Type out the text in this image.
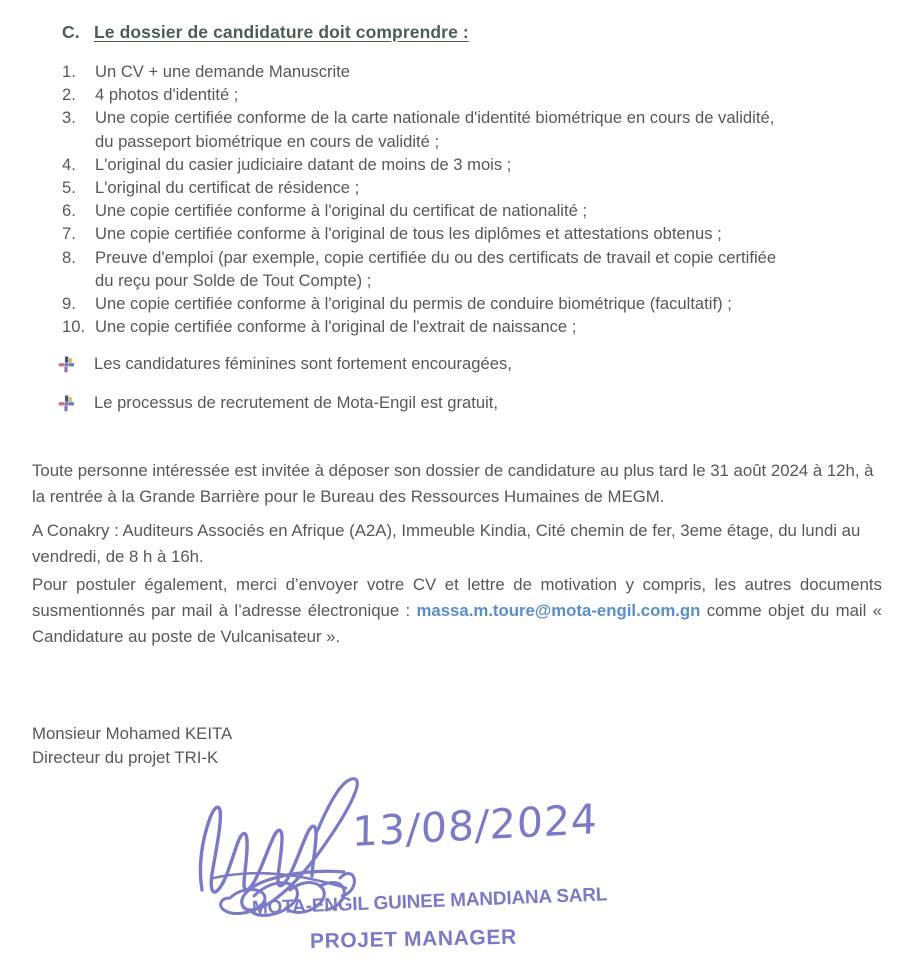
C. Le dossier de candidature doit comprendre :
1.	Un CV + une demande Manuscrite
2.	4 photos d'identité ;
3.	Une copie certifiée conforme de la carte nationale d'identité biométrique en cours de validité,
du passeport biométrique en cours de validité ;
4.	L'original du casier judiciaire datant de moins de 3 mois ;
5.	L'original du certificat de résidence ;
6.	Une copie certifiée conforme à l'original du certificat de nationalité ;
7.	Une copie certifiée conforme à l'original de tous les diplômes et attestations obtenus ;
8.	Preuve d'emploi (par exemple, copie certifiée du ou des certificats de travail et copie certifiée
du reçu pour Solde de Tout Compte) ;
9.	Une copie certifiée conforme à l'original du permis de conduire biométrique (facultatif) ;
10. Une copie certifiée conforme à l'original de l'extrait de naissance ;
Les candidatures féminines sont fortement encouragées,
Le processus de recrutement de Mota-Engil est gratuit,
Toute personne intéressée est invitée à déposer son dossier de candidature au plus tard le 31 août 2024 à 12h, à la rentrée à la Grande Barrière pour le Bureau des Ressources Humaines de MEGM.
A Conakry : Auditeurs Associés en Afrique (A2A), Immeuble Kindia, Cité chemin de fer, 3eme étage, du lundi au vendredi, de 8 h à 16h.
Pour postuler également, merci d’envoyer votre CV et lettre de motivation y compris, les autres documents susmentionnés par mail à l’adresse électronique : massa.m.toure@mota-engil.com.gn comme objet du mail « Candidature au poste de Vulcanisateur ».
Monsieur Mohamed KEITA
Directeur du projet TRI-K
13/08/2024
MOTA-ENGIL GUINEE MANDIANA SARL
PROJET MANAGER
